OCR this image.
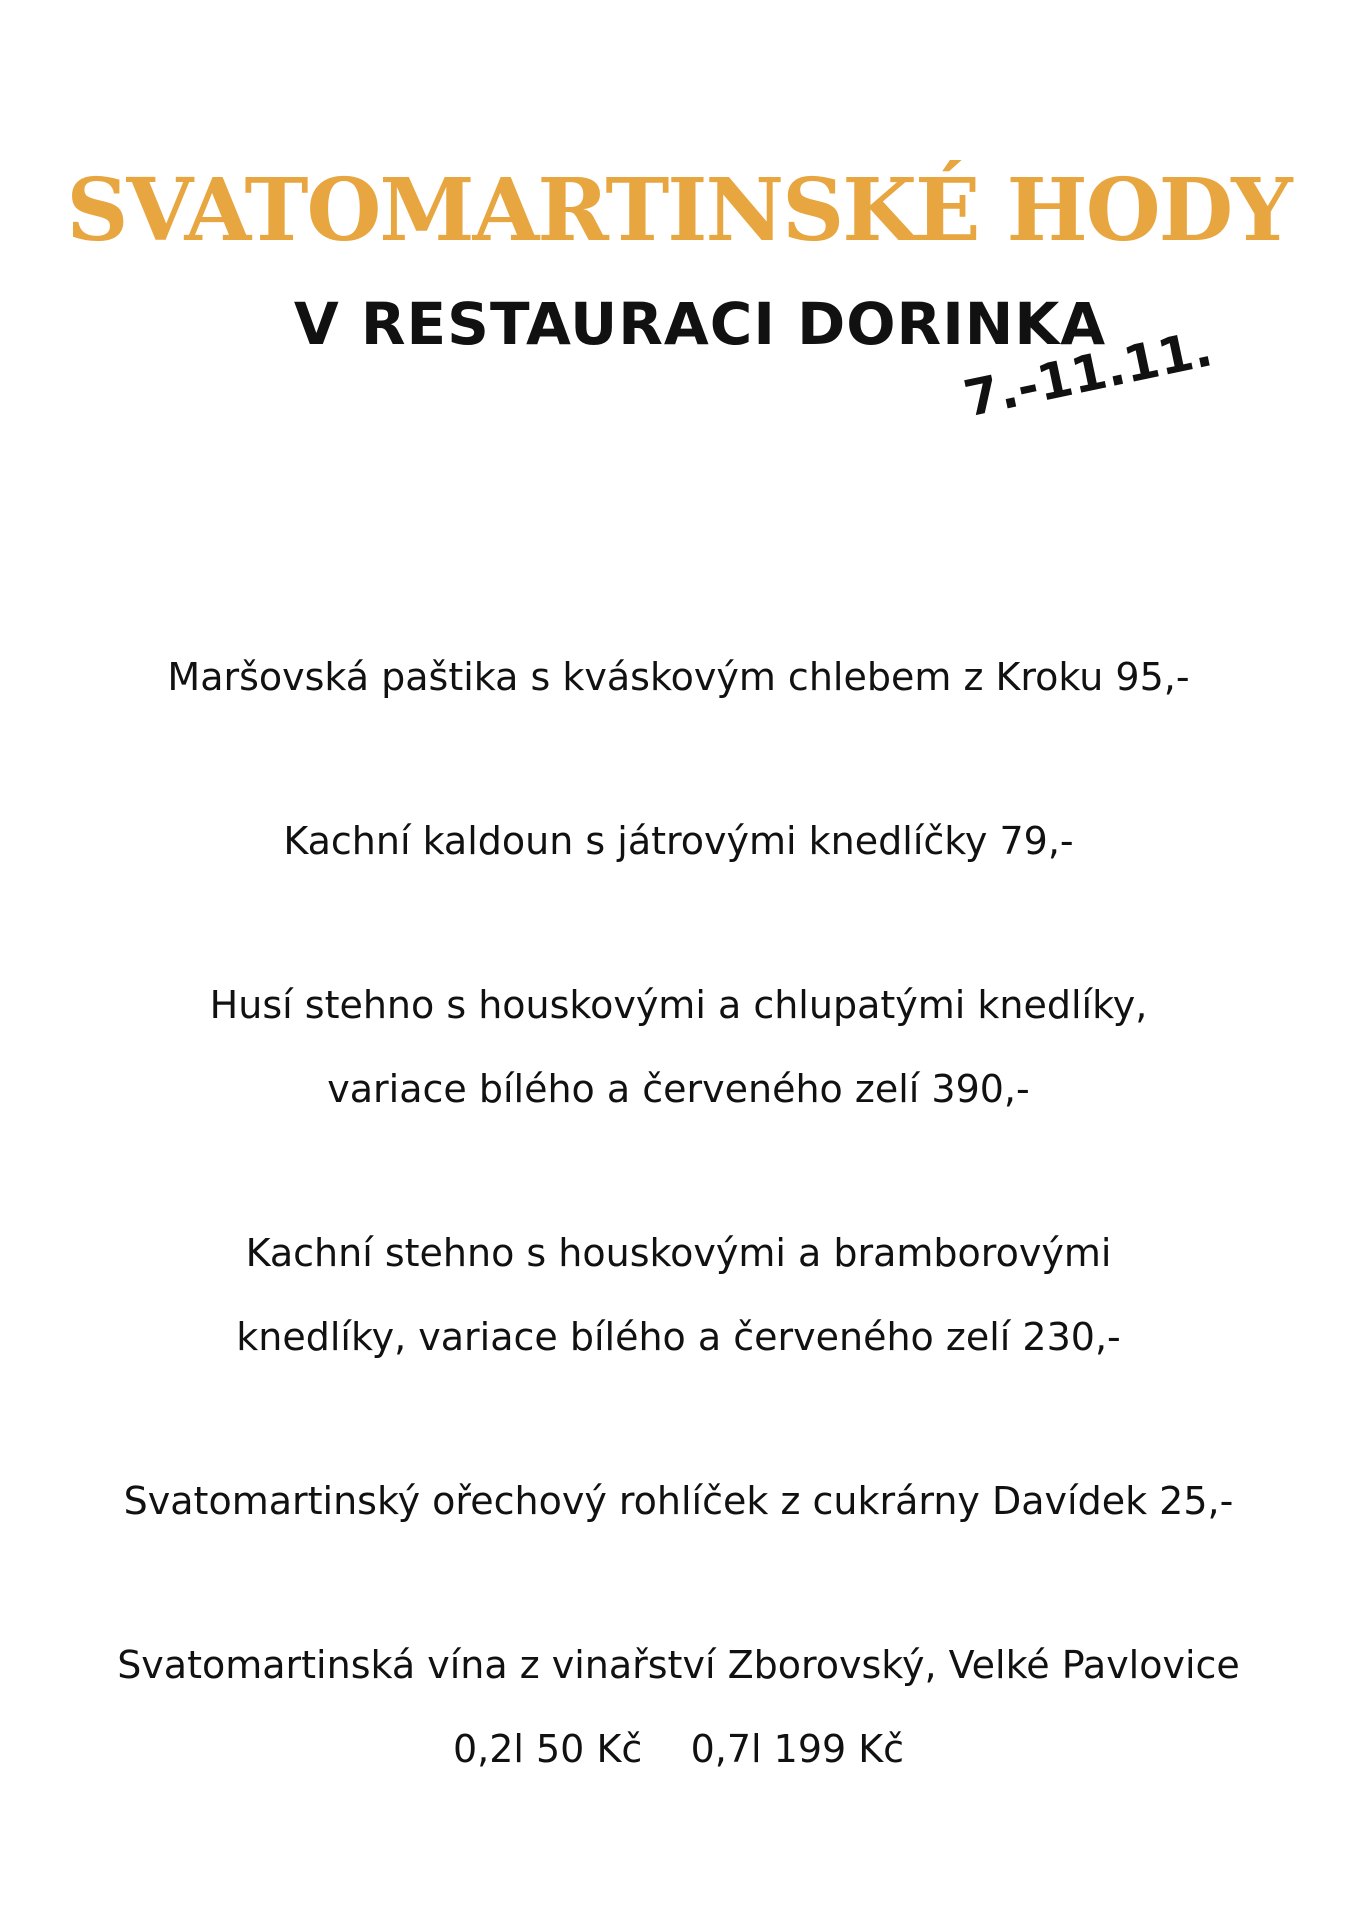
SVATOMARTINSKÉ HODY
V RESTAURACI DORINKA
7.-11.11.
Maršovská paštika s kváskovým chlebem z Kroku 95,-
Kachní kaldoun s játrovými knedlíčky 79,-
Husí stehno s houskovými a chlupatými knedlíky,
variace bílého a červeného zelí 390,-
Kachní stehno s houskovými a bramborovými
knedlíky, variace bílého a červeného zelí 230,-
Svatomartinský ořechový rohlíček z cukrárny Davídek 25,-
Svatomartinská vína z vinařství Zborovský, Velké Pavlovice
0,2l 50 Kč    0,7l 199 Kč
